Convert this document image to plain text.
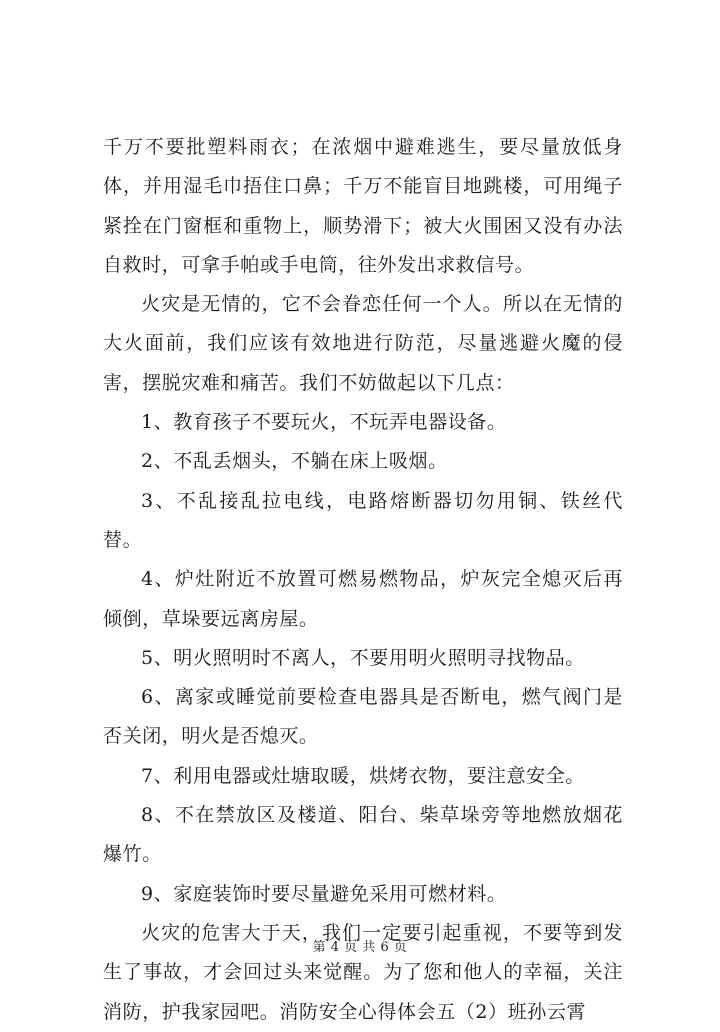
千万不要批塑料雨衣；在浓烟中避难逃生，要尽量放低身体，并用湿毛巾捂住口鼻；千万不能盲目地跳楼，可用绳子紧拴在门窗框和重物上，顺势滑下；被大火围困又没有办法自救时，可拿手帕或手电筒，往外发出求救信号。

火灾是无情的，它不会眷恋任何一个人。所以在无情的大火面前，我们应该有效地进行防范，尽量逃避火魔的侵害，摆脱灾难和痛苦。我们不妨做起以下几点：

1、教育孩子不要玩火，不玩弄电器设备。

2、不乱丢烟头，不躺在床上吸烟。

3、不乱接乱拉电线，电路熔断器切勿用铜、铁丝代替。

4、炉灶附近不放置可燃易燃物品，炉灰完全熄灭后再倾倒，草垛要远离房屋。

5、明火照明时不离人，不要用明火照明寻找物品。

6、离家或睡觉前要检查电器具是否断电，燃气阀门是否关闭，明火是否熄灭。

7、利用电器或灶塘取暖，烘烤衣物，要注意安全。

8、不在禁放区及楼道、阳台、柴草垛旁等地燃放烟花爆竹。

9、家庭装饰时要尽量避免采用可燃材料。

火灾的危害大于天，我们一定要引起重视，不要等到发生了事故，才会回过头来觉醒。为了您和他人的幸福，关注消防，护我家园吧。消防安全心得体会五（2）班孙云霄

第 4 页 共 6 页
